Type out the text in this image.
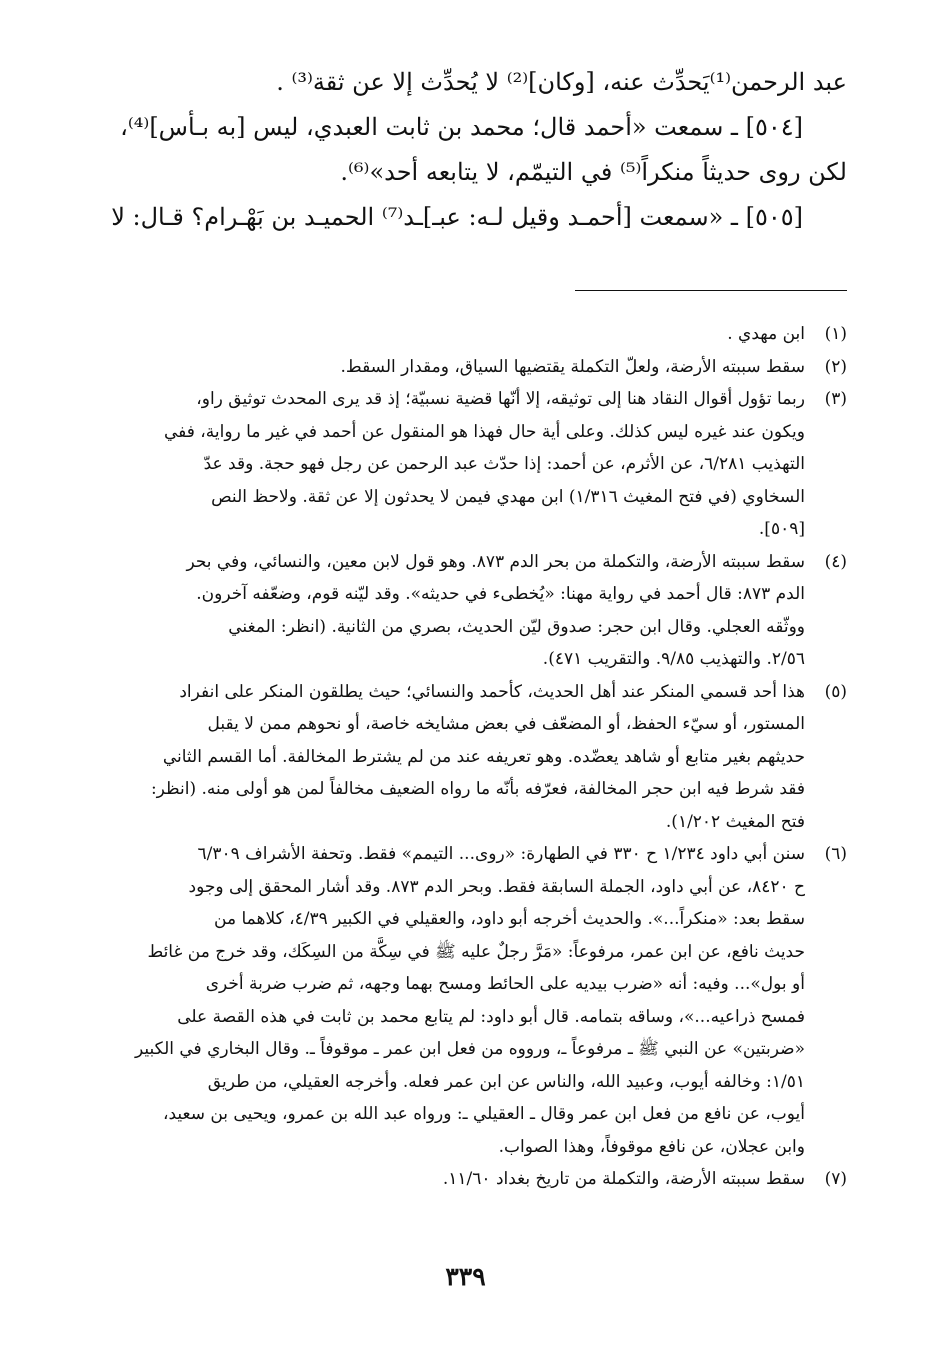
عبد الرحمن⁽¹⁾يَحدِّث عنه، [وكان]⁽²⁾ لا يُحدِّث إلا عن ثقة⁽³⁾ .

[٥٠٤] ـ سمعت «أحمد قال؛ محمد بن ثابت العبدي، ليس [به بـأس]⁽⁴⁾،

لكن روى حديثاً منكراً⁽⁵⁾ في التيمّم، لا يتابعه أحد»⁽⁶⁾.

[٥٠٥] ـ «سمعت [أحمـد وقيل لـه: عبـ]ـد⁽⁷⁾ الحميـد بن بَهْـرام؟ قـال: لا

(١)
ابن مهدي .
(٢)
سقط سببته الأرضة، ولعلّ التكملة يقتضيها السياق، ومقدار السقط.
(٣)
ربما تؤول أقوال النقاد هنا إلى توثيقه، إلا أنّها قضية نسبيّة؛ إذ قد يرى المحدث توثيق راو،
ويكون عند غيره ليس كذلك. وعلى أية حال فهذا هو المنقول عن أحمد في غير ما رواية، ففي
التهذيب ٦/٢٨١، عن الأثرم، عن أحمد: إذا حدّث عبد الرحمن عن رجل فهو حجة. وقد عدّ
السخاوي (في فتح المغيث ١/٣١٦) ابن مهدي فيمن لا يحدثون إلا عن ثقة. ولاحظ النص
[٥٠٩].
(٤)
سقط سببته الأرضة، والتكملة من بحر الدم ٨٧٣. وهو قول لابن معين، والنسائي، وفي بحر
الدم ٨٧٣: قال أحمد في رواية مهنا: «يُخطىء في حديثه». وقد ليّنه قوم، وضعّفه آخرون.
ووثّقه العجلي. وقال ابن حجر: صدوق ليّن الحديث، بصري من الثانية. (انظر: المغني
٢/٥٦. والتهذيب ٩/٨٥. والتقريب ٤٧١).
(٥)
هذا أحد قسمي المنكر عند أهل الحديث، كأحمد والنسائي؛ حيث يطلقون المنكر على انفراد
المستور، أو سيّء الحفظ، أو المضعّف في بعض مشايخه خاصة، أو نحوهم ممن لا يقبل
حديثهم بغير متابع أو شاهد يعضّده. وهو تعريفه عند من لم يشترط المخالفة. أما القسم الثاني
فقد شرط فيه ابن حجر المخالفة، فعرّفه بأنّه ما رواه الضعيف مخالفاً لمن هو أولى منه. (انظر:
فتح المغيث ١/٢٠٢).
(٦)
سنن أبي داود ١/٢٣٤ ح ٣٣٠ في الطهارة: «روى... التيمم» فقط. وتحفة الأشراف ٦/٣٠٩
ح ٨٤٢٠، عن أبي داود، الجملة السابقة فقط. وبحر الدم ٨٧٣. وقد أشار المحقق إلى وجود
سقط بعد: «منكراً...». والحديث أخرجه أبو داود، والعقيلي في الكبير ٤/٣٩، كلاهما من
حديث نافع، عن ابن عمر، مرفوعاً: «مَرَّ رجلٌ عليه ﷺ في سِكَّة من السِكَك، وقد خرج من غائط
أو بول»... وفيه: أنه «ضرب بيديه على الحائط ومسح بهما وجهه، ثم ضرب ضربة أخرى
فمسح ذراعيه...»، وساقه بتمامه. قال أبو داود: لم يتابع محمد بن ثابت في هذه القصة على
«ضربتين» عن النبي ﷺ ـ مرفوعاً ـ، ورووه من فعل ابن عمر ـ موقوفاً ـ. وقال البخاري في الكبير
١/٥١: وخالفه أيوب، وعبيد الله، والناس عن ابن عمر فعله. وأخرجه العقيلي، من طريق
أيوب، عن نافع من فعل ابن عمر وقال ـ العقيلي ـ: ورواه عبد الله بن عمرو، ويحيى بن سعيد،
وابن عجلان، عن نافع موقوفاً، وهذا الصواب.
(٧)
سقط سببته الأرضة، والتكملة من تاريخ بغداد ١١/٦٠.
٣٣٩
